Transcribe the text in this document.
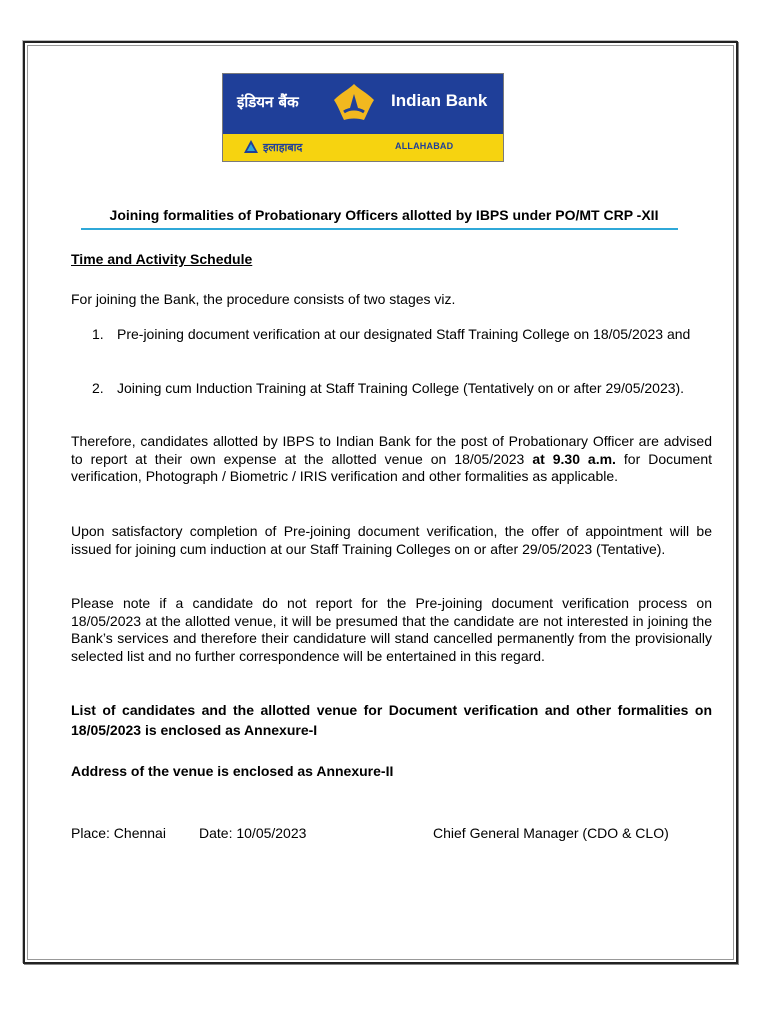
इंडियन बैंक	Indian Bank
इलाहाबाद	ALLAHABAD
Joining formalities of Probationary Officers allotted by IBPS under PO/MT CRP -XII
Time and Activity Schedule

For joining the Bank, the procedure consists of two stages viz.

1. Pre-joining document verification at our designated Staff Training College on 18/05/2023 and
2. Joining cum Induction Training at Staff Training College (Tentatively on or after 29/05/2023).

Therefore, candidates allotted by IBPS to Indian Bank for the post of Probationary Officer are advised to report at their own expense at the allotted venue on 18/05/2023 at 9.30 a.m. for Document verification, Photograph / Biometric / IRIS verification and other formalities as applicable.

Upon satisfactory completion of Pre-joining document verification, the offer of appointment will be issued for joining cum induction at our Staff Training Colleges on or after 29/05/2023 (Tentative).

Please note if a candidate do not report for the Pre-joining document verification process on 18/05/2023 at the allotted venue, it will be presumed that the candidate are not interested in joining the Bank’s services and therefore their candidature will stand cancelled permanently from the provisionally selected list and no further correspondence will be entertained in this regard.

List of candidates and the allotted venue for Document verification and other formalities on 18/05/2023 is enclosed as Annexure-I

Address of the venue is enclosed as Annexure-II

Place: Chennai Date: 10/05/2023	Chief General Manager (CDO & CLO)
